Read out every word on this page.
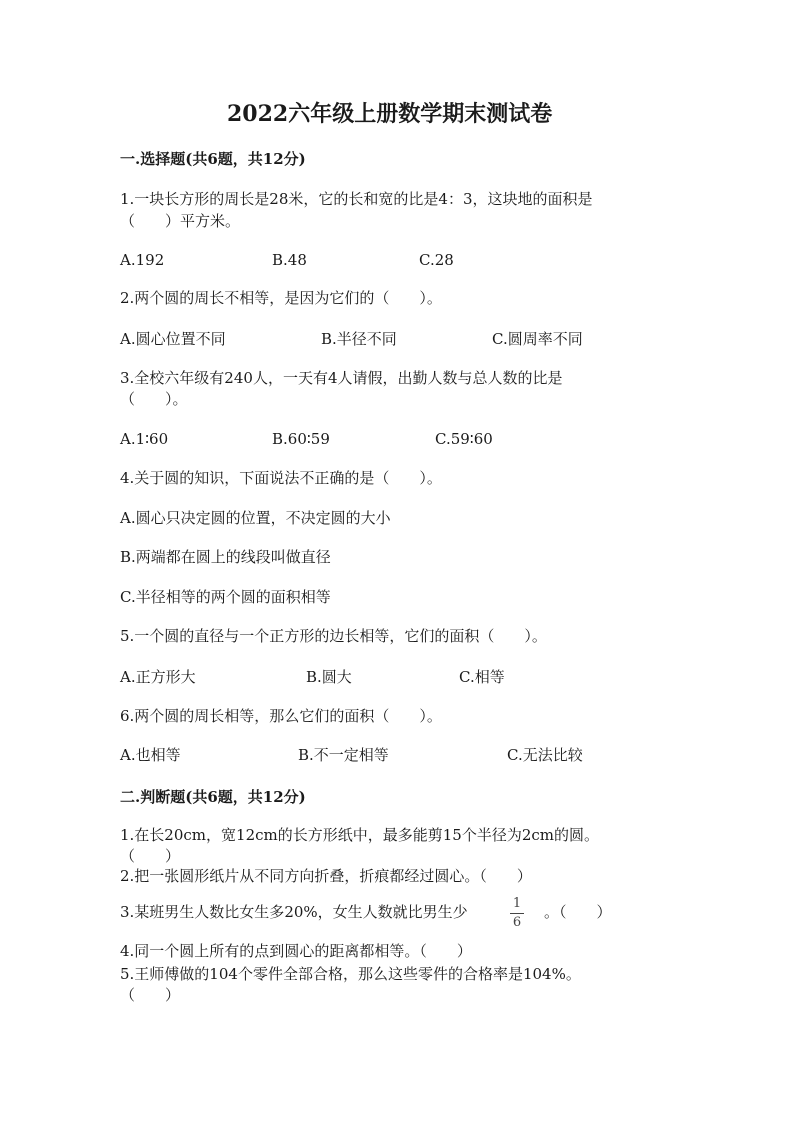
2022六年级上册数学期末测试卷
一.选择题(共6题，共12分)
1.一块长方形的周长是28米，它的长和宽的比是4：3，这块地的面积是
（　　）平方米。
A.192	B.48	C.28
2.两个圆的周长不相等，是因为它们的（　　）。
A.圆心位置不同	B.半径不同	C.圆周率不同
3.全校六年级有240人，一天有4人请假，出勤人数与总人数的比是
（　　）。
A.1∶60	B.60∶59	C.59∶60
4.关于圆的知识，下面说法不正确的是（　　）。
A.圆心只决定圆的位置，不决定圆的大小
B.两端都在圆上的线段叫做直径
C.半径相等的两个圆的面积相等
5.一个圆的直径与一个正方形的边长相等，它们的面积（　　）。
A.正方形大	B.圆大	C.相等
6.两个圆的周长相等，那么它们的面积（　　）。
A.也相等	B.不一定相等	C.无法比较
二.判断题(共6题，共12分)
1.在长20cm，宽12cm的长方形纸中，最多能剪15个半径为2cm的圆。
（　　）
2.把一张圆形纸片从不同方向折叠，折痕都经过圆心。（　　）
3.某班男生人数比女生多20%，女生人数就比男生少	1
6
。（　　）
4.同一个圆上所有的点到圆心的距离都相等。（　　）
5.王师傅做的104个零件全部合格，那么这些零件的合格率是104%。
（　　）
